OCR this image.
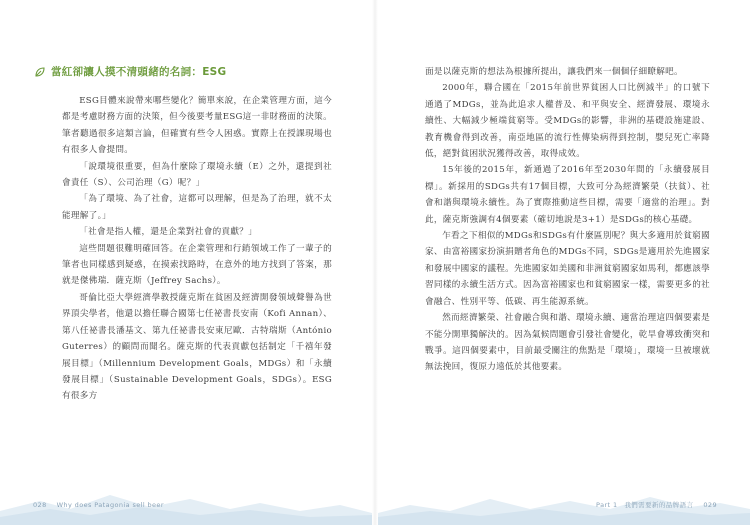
當紅卻讓人摸不清頭緒的名詞：ESG

ESG目體來說帶來哪些變化？簡單來說，在企業管理方面，這今都是考慮財務方面的決策，但今後要考量ESG這一非財務面的決策。筆者聽過很多這類言論，但確實有些令人困惑。實際上在授課現場也有很多人會提問。

「說環境很重要，但為什麼除了環境永續（E）之外，還提到社會責任（S）、公司治理（G）呢？」

「為了環境、為了社會，這都可以理解，但是為了治理，就不太能理解了。」

「社會是指人權，還是企業對社會的貢獻？」

這些問題很難明確回答。在企業管理和行銷領域工作了一輩子的筆者也同樣感到疑惑，在摸索找路時，在意外的地方找到了答案，那就是傑佛瑞．薩克斯（Jeffrey Sachs）。

哥倫比亞大學經濟學教授薩克斯在貧困及經濟開發領域聲譽為世界頂尖學者，他還以擔任聯合國第七任祕書長安南（Kofi Annan）、第八任祕書長潘基文、第九任祕書長安東尼歐．古特瑞斯（António Guterres）的顧問而聞名。薩克斯的代表貢獻包括制定「千禧年發展目標」（Millennium Development Goals，MDGs）和「永續發展目標」（Sustainable Development Goals，SDGs）。ESG有很多方

面是以薩克斯的想法為根據所提出，讓我們來一個個仔細瞭解吧。

2000年，聯合國在「2015年前世界貧困人口比例減半」的口號下通過了MDGs，並為此追求人權普及、和平與安全、經濟發展、環境永續性、大幅減少極端貧窮等。受MDGs的影響，非洲的基礎設施建設、教育機會得到改善，南亞地區的流行性傳染病得到控制，嬰兒死亡率降低，絕對貧困狀況獲得改善，取得成效。

15年後的2015年，新通過了2016年至2030年間的「永續發展目標」。新採用的SDGs共有17個目標，大致可分為經濟繁榮（扶貧）、社會和諧與環境永續性。為了實際推動這些目標，需要「適當的治理」。對此，薩克斯強調有4個要素（確切地說是3+1）是SDGs的核心基礎。

乍看之下相似的MDGs和SDGs有什麼區別呢？與大多適用於貧窮國家、由富裕國家扮演捐贈者角色的MDGs不同，SDGs是適用於先進國家和發展中國家的議程。先進國家如美國和非洲貧窮國家如馬利，都應該學習同樣的永續生活方式。因為富裕國家也和貧窮國家一樣，需要更多的社會融合、性別平等、低碳、再生能源系統。

然而經濟繁榮、社會融合與和諧、環境永續、適當治理這四個要素是不能分開單獨解決的。因為氣候問題會引發社會變化，乾旱會導致衝突和戰爭。這四個要素中，目前最受關注的焦點是「環境」，環境一旦被壞就無法挽回，復原力遠低於其他要素。

028 Why does Patagonia sell beer	Part 1　我們需要新的品牌語言 029
